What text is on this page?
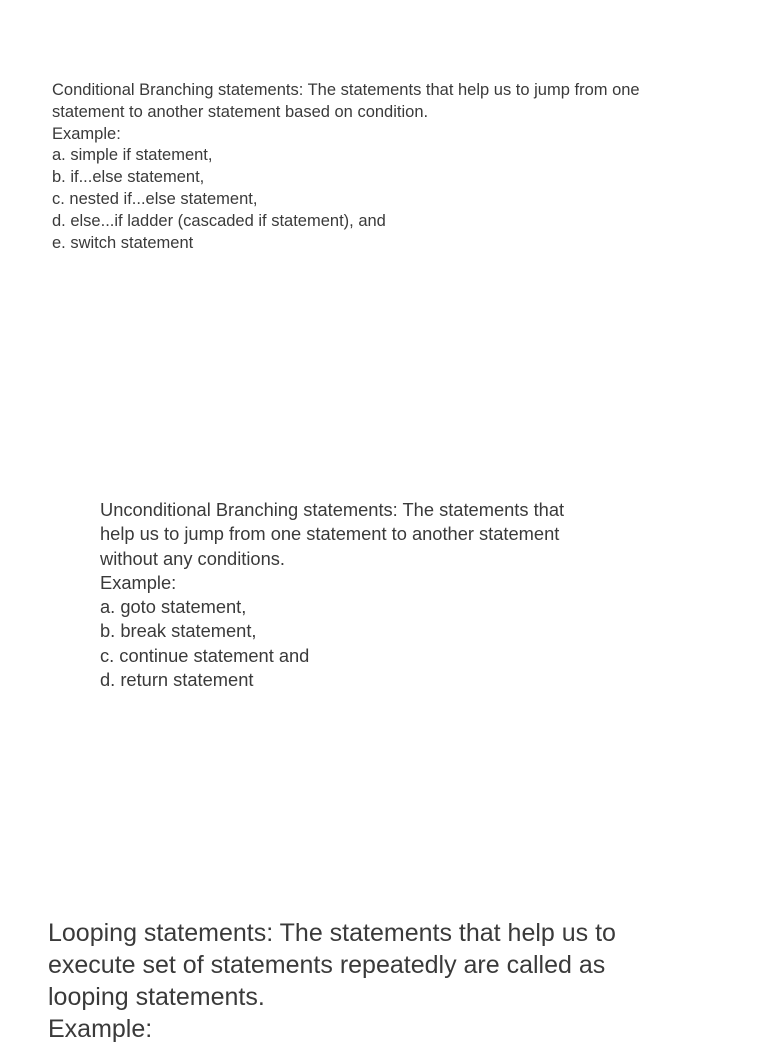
Conditional Branching statements: The statements that help us to jump from one
statement to another statement based on condition.
Example:
a. simple if statement,
b. if...else statement,
c. nested if...else statement,
d. else...if ladder (cascaded if statement), and
e. switch statement
Unconditional Branching statements: The statements that
help us to jump from one statement to another statement
without any conditions.
Example:
a. goto statement,
b. break statement,
c. continue statement and
d. return statement
Looping statements: The statements that help us to
execute set of statements repeatedly are called as
looping statements.
Example:
